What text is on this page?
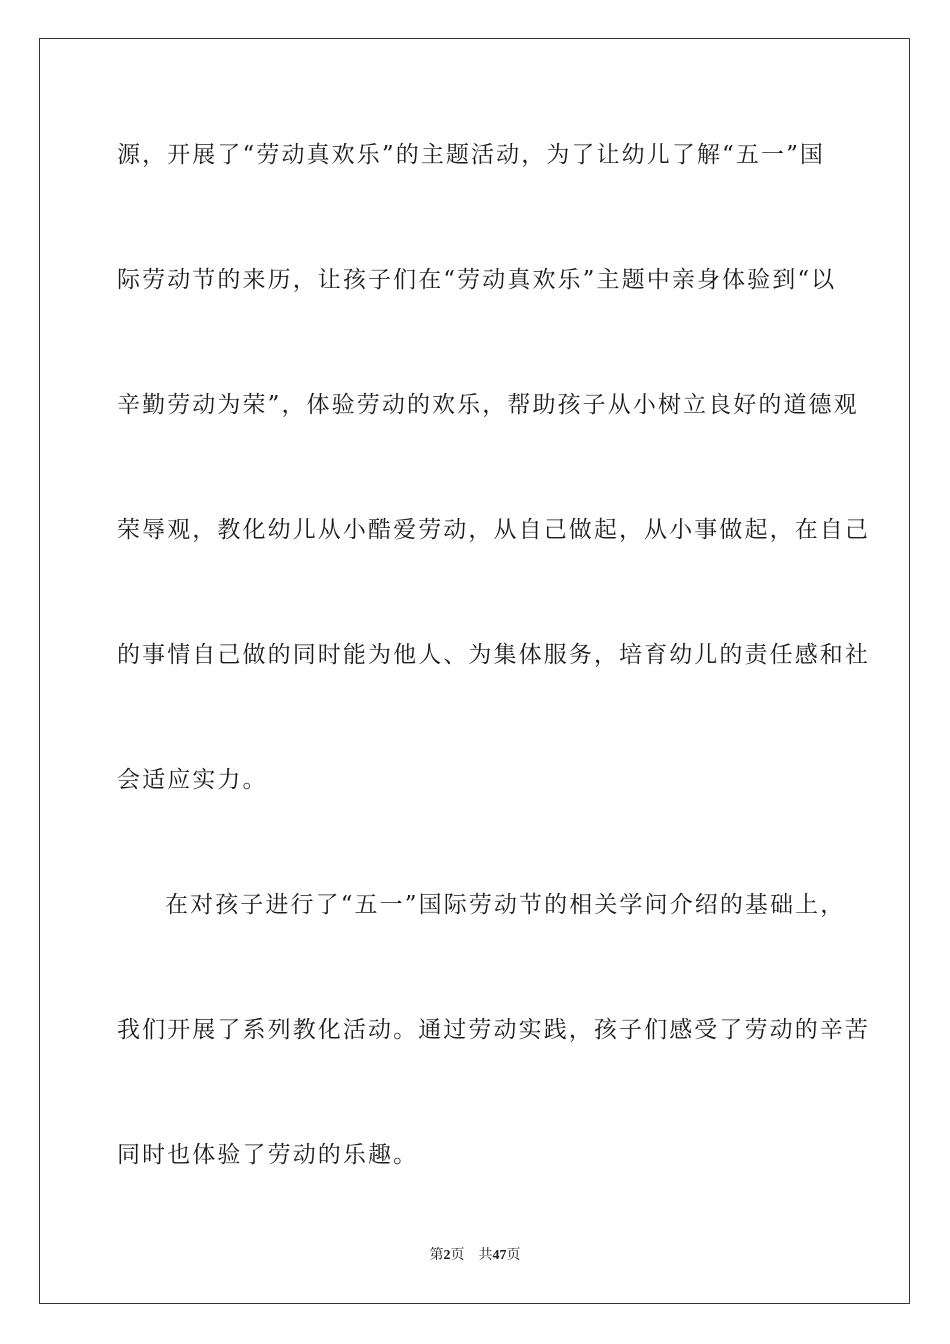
源，开展了“劳动真欢乐”的主题活动，为了让幼儿了解“五一”国
际劳动节的来历，让孩子们在“劳动真欢乐”主题中亲身体验到“以
辛勤劳动为荣”，体验劳动的欢乐，帮助孩子从小树立良好的道德观
荣辱观，教化幼儿从小酷爱劳动，从自己做起，从小事做起，在自己
的事情自己做的同时能为他人、为集体服务，培育幼儿的责任感和社
会适应实力。
在对孩子进行了“五一”国际劳动节的相关学问介绍的基础上，
我们开展了系列教化活动。通过劳动实践，孩子们感受了劳动的辛苦
同时也体验了劳动的乐趣。
第2页 共47页
